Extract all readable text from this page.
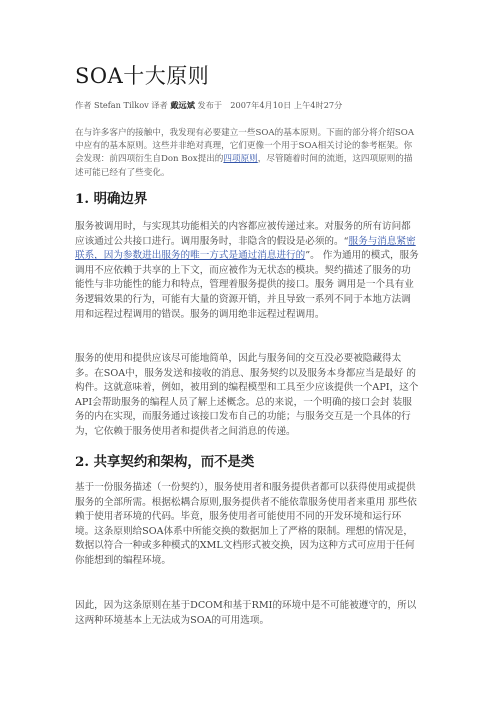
SOA十大原则
作者 Stefan Tilkov 译者 戴远斌 发布于　2007年4月10日 上午4时27分

在与许多客户的接触中，我发现有必要建立一些SOA的基本原则。下面的部分将介绍SOA中应有的基本原则。这些并非绝对真理，它们更像一个用于SOA相关讨论的参考框架。你会发现：前四项衍生自Don Box提出的四项原则，尽管随着时间的流逝，这四项原则的描述可能已经有了些变化。

1. 明确边界

服务被调用时，与实现其功能相关的内容都应被传递过来。对服务的所有访问都应该通过公共接口进行。调用服务时，非隐含的假设是必须的。“服务与消息紧密联系，因为参数进出服务的唯一方式是通过消息进行的”。 作为通用的模式，服务调用不应依赖于共享的上下文，而应被作为无状态的模块。契约描述了服务的功能性与非功能性的能力和特点，管理着服务提供的接口。服务 调用是一个具有业务逻辑效果的行为，可能有大量的资源开销，并且导致一系列不同于本地方法调用和远程过程调用的错误。服务的调用绝非远程过程调用。

服务的使用和提供应该尽可能地简单，因此与服务间的交互没必要被隐藏得太多。在SOA中，服务发送和接收的消息、服务契约以及服务本身都应当是最好 的构件。这就意味着，例如，被用到的编程模型和工具至少应该提供一个API，这个API会帮助服务的编程人员了解上述概念。总的来说，一个明确的接口会封 装服务的内在实现，而服务通过该接口发布自己的功能；与服务交互是一个具体的行为，它依赖于服务使用者和提供者之间消息的传递。

2. 共享契约和架构，而不是类

基于一份服务描述（一份契约），服务使用者和服务提供者都可以获得使用或提供服务的全部所需。根据松耦合原则,服务提供者不能依靠服务使用者来重用 那些依赖于使用者环境的代码。毕竟，服务使用者可能使用不同的开发环境和运行环境。这条原则给SOA体系中所能交换的数据加上了严格的限制。理想的情况是，数据以符合一种或多种模式的XML文档形式被交换，因为这种方式可应用于任何你能想到的编程环境。

因此，因为这条原则在基于DCOM和基于RMI的环境中是不可能被遵守的，所以这两种环境基本上无法成为SOA的可用选项。
